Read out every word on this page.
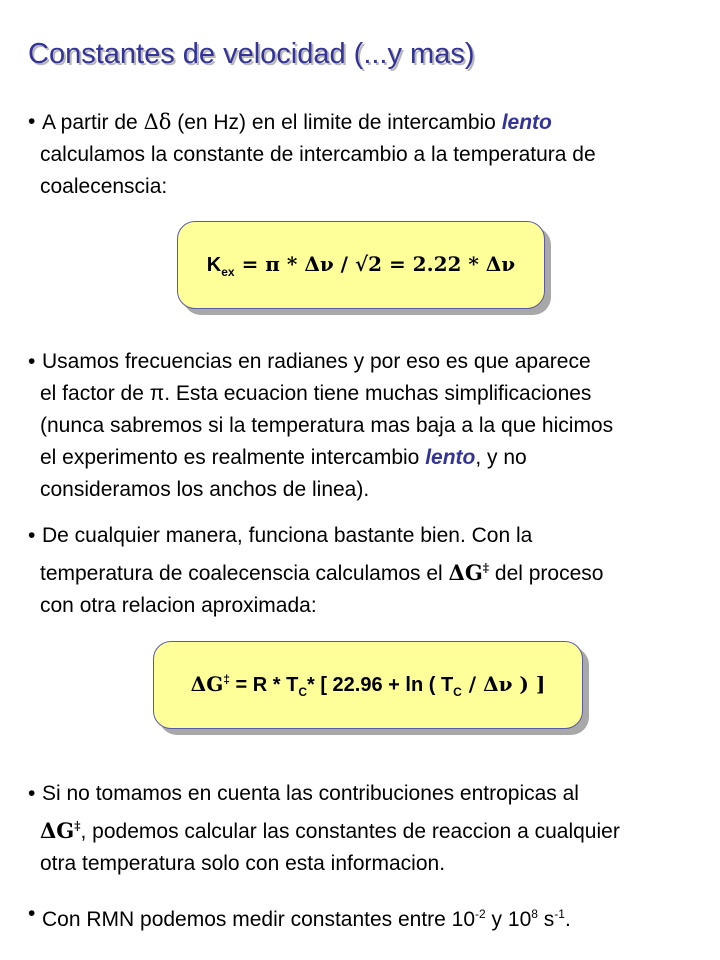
Constantes de velocidad (...y mas)
• A partir de Δδ (en Hz) en el limite de intercambio lento
calculamos la constante de intercambio a la temperatura de
coalecenscia:
$K_{ex} = \pi * \Delta\nu / √2 = 2.22 * \Delta\nu$
• Usamos frecuencias en radianes y por eso es que aparece
el factor de π. Esta ecuacion tiene muchas simplificaciones
(nunca sabremos si la temperatura mas baja a la que hicimos
el experimento es realmente intercambio lento, y no
consideramos los anchos de linea).
• De cualquier manera, funciona bastante bien. Con la
temperatura de coalecenscia calculamos el ΔG‡ del proceso
con otra relacion aproximada:
$\Delta G^\ddagger = R * T_C*$ [ 22.96 + ln ( $T_C$ / Δν ) ]
• Si no tomamos en cuenta las contribuciones entropicas al
ΔG‡, podemos calcular las constantes de reaccion a cualquier
otra temperatura solo con esta informacion.
• Con RMN podemos medir constantes entre $10^{-2}$ y $10^8$ $s^{-1}$.
